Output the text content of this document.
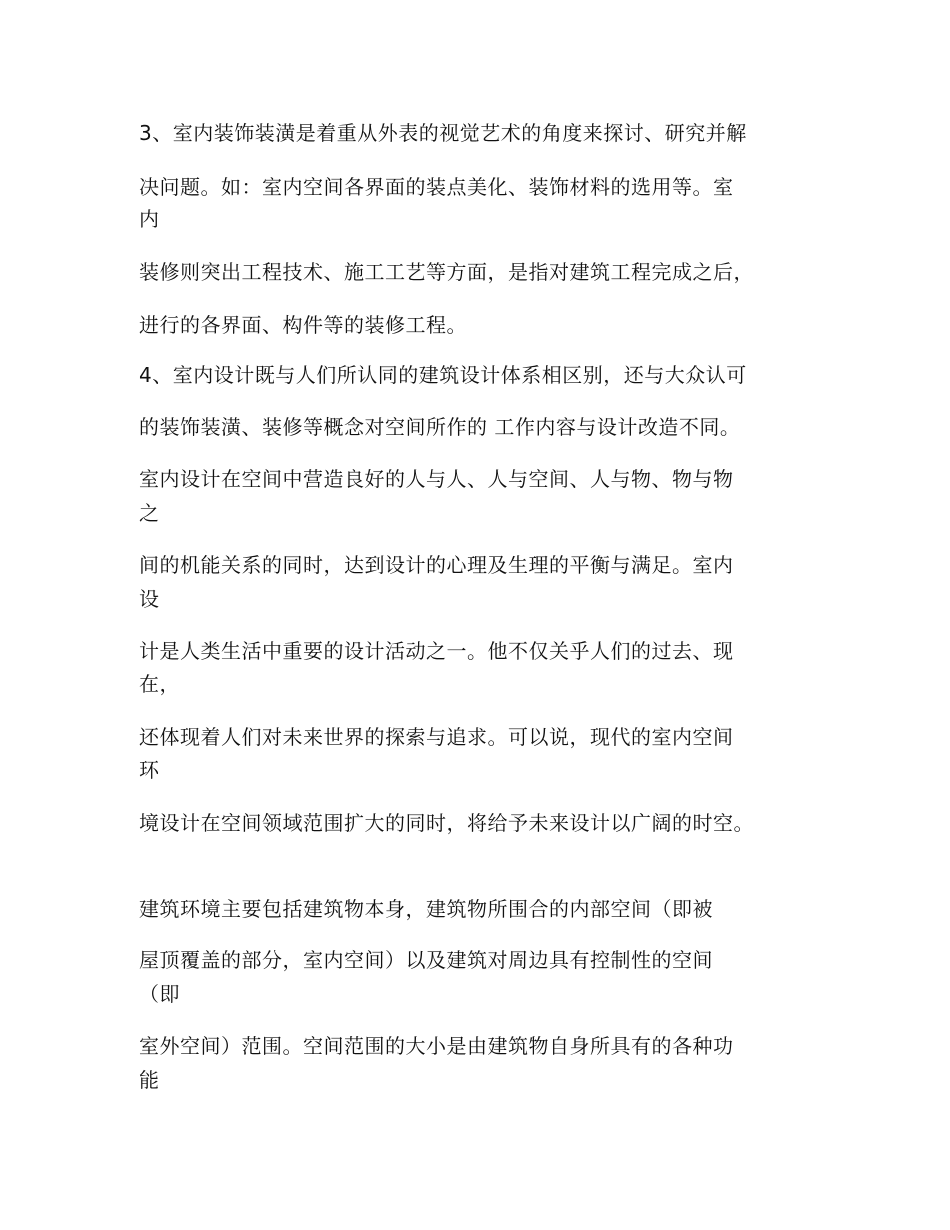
3、室内装饰装潢是着重从外表的视觉艺术的角度来探讨、研究并解
决问题。如：室内空间各界面的装点美化、装饰材料的选用等。室
内
装修则突出工程技术、施工工艺等方面，是指对建筑工程完成之后，
进行的各界面、构件等的装修工程。
4、室内设计既与人们所认同的建筑设计体系相区别，还与大众认可
的装饰装潢、装修等概念对空间所作的 工作内容与设计改造不同。
室内设计在空间中营造良好的人与人、人与空间、人与物、物与物
之
间的机能关系的同时，达到设计的心理及生理的平衡与满足。室内
设
计是人类生活中重要的设计活动之一。他不仅关乎人们的过去、现
在，
还体现着人们对未来世界的探索与追求。可以说，现代的室内空间
环
境设计在空间领域范围扩大的同时，将给予未来设计以广阔的时空。
建筑环境主要包括建筑物本身，建筑物所围合的内部空间（即被
屋顶覆盖的部分，室内空间）以及建筑对周边具有控制性的空间
（即
室外空间）范围。空间范围的大小是由建筑物自身所具有的各种功
能
